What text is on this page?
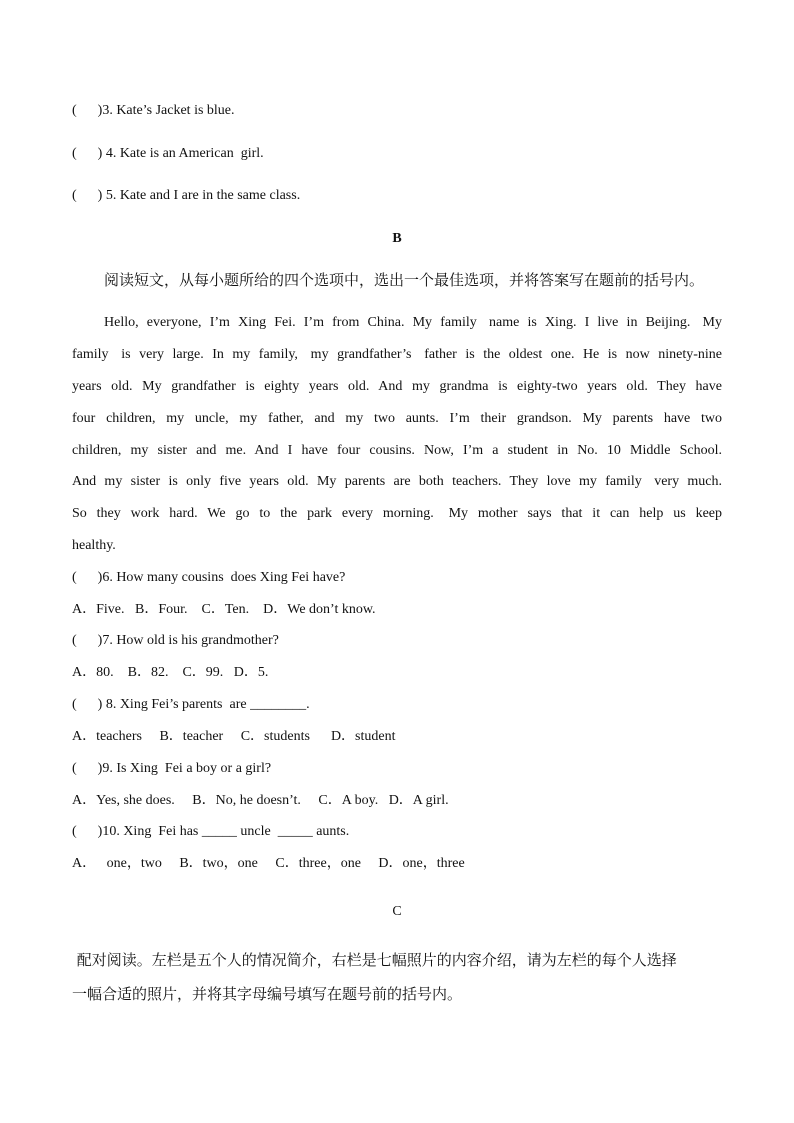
(      )3. Kate’s Jacket is blue.
(      ) 4. Kate is an American  girl.
(      ) 5. Kate and I are in the same class.
B
阅读短文，从每小题所给的四个选项中，选出一个最佳选项，并将答案写在题前的括号内。
Hello,  everyone,  I’m  Xing  Fei.  I’m  from  China.  My  family   name  is  Xing.  I  live  in  Beijing.   My
family   is  very  large.  In  my  family,   my  grandfather’s   father  is  the  oldest  one.  He  is  now  ninety-nine
years  old.  My  grandfather  is  eighty  years  old.  And  my  grandma  is  eighty-two  years  old.  They  have
four  children,  my  uncle,  my  father,  and  my  two  aunts.  I’m  their  grandson.  My  parents  have  two
children,  my  sister  and  me.  And  I  have  four  cousins.  Now,  I’m  a  student  in  No.  10  Middle  School.
And  my  sister  is  only  five  years  old.  My  parents  are  both  teachers.  They  love  my  family   very  much.
So  they  work  hard.  We  go  to  the  park  every  morning.   My  mother  says  that  it  can  help  us  keep
healthy.
(      )6. How many cousins  does Xing Fei have?
A．Five.   B．Four.    C．Ten.    D．We don’t know.
(      )7. How old is his grandmother?
A．80.    B．82.    C．99.   D．5.
(      ) 8. Xing Fei’s parents  are ________.
A．teachers     B．teacher     C．students      D．student
(      )9. Is Xing  Fei a boy or a girl?
A．Yes, she does.     B．No, he doesn’t.     C．A boy.   D．A girl.
(      )10. Xing  Fei has _____ uncle  _____ aunts.
A．   one，two     B．two，one     C．three，one     D．one，three
C
配对阅读。左栏是五个人的情况简介，右栏是七幅照片的内容介绍，请为左栏的每个人选择
一幅合适的照片，并将其字母编号填写在题号前的括号内。
